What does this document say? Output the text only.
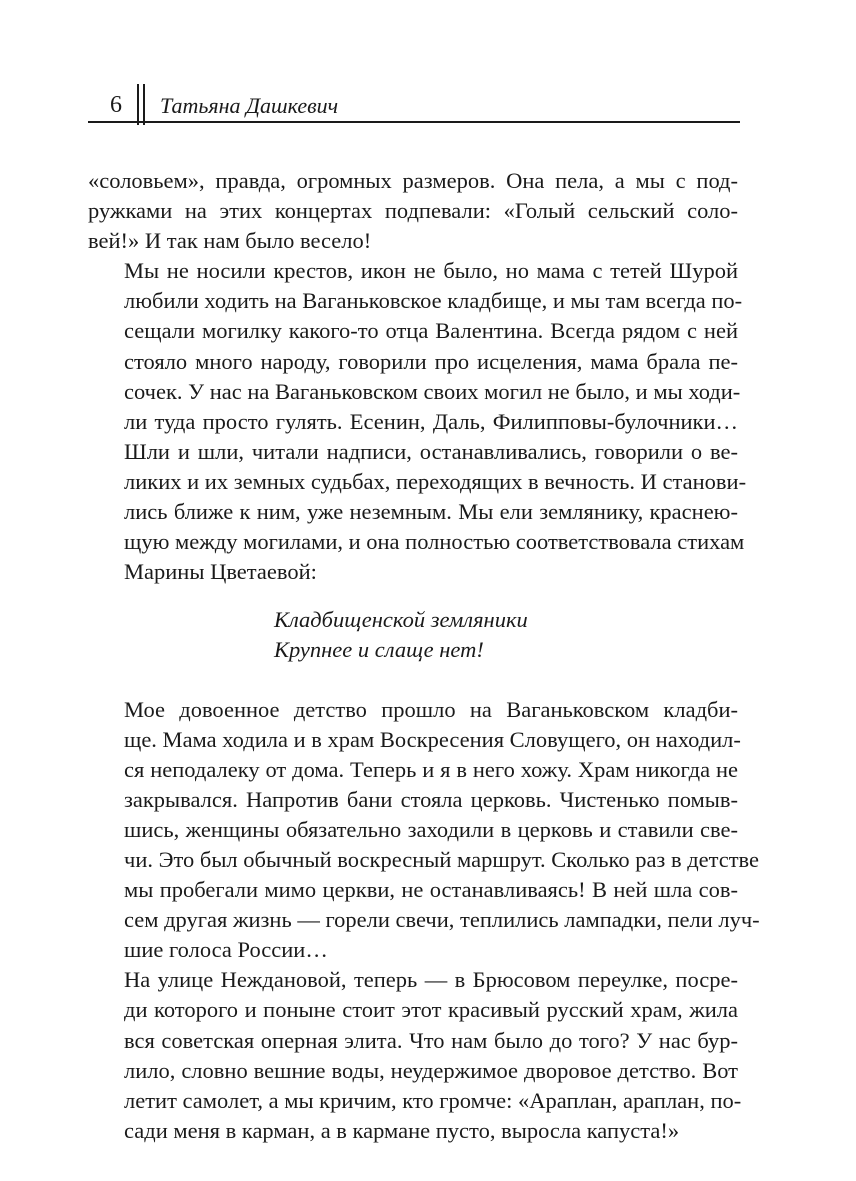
6 Татьяна Дашкевич

«соловьем», правда, огромных размеров. Она пела, а мы с под-
ружками на этих концертах подпевали: «Голый сельский соло-
вей!» И так нам было весело!

Мы не носили крестов, икон не было, но мама с тетей Шурой
любили ходить на Ваганьковское кладбище, и мы там всегда по-
сещали могилку какого-то отца Валентина. Всегда рядом с ней
стояло много народу, говорили про исцеления, мама брала пе-
сочек. У нас на Ваганьковском своих могил не было, и мы ходи-
ли туда просто гулять. Есенин, Даль, Филипповы-булочники…
Шли и шли, читали надписи, останавливались, говорили о ве-
ликих и их земных судьбах, переходящих в вечность. И станови-
лись ближе к ним, уже неземным. Мы ели землянику, краснею-
щую между могилами, и она полностью соответствовала стихам
Марины Цветаевой:

Кладбищенской земляники
Крупнее и слаще нет!

Мое довоенное детство прошло на Ваганьковском кладби-
ще. Мама ходила и в храм Воскресения Словущего, он находил-
ся неподалеку от дома. Теперь и я в него хожу. Храм никогда не
закрывался. Напротив бани стояла церковь. Чистенько помыв-
шись, женщины обязательно заходили в церковь и ставили све-
чи. Это был обычный воскресный маршрут. Сколько раз в детстве
мы пробегали мимо церкви, не останавливаясь! В ней шла сов-
сем другая жизнь — горели свечи, теплились лампадки, пели луч-
шие голоса России…

На улице Неждановой, теперь — в Брюсовом переулке, посре-
ди которого и поныне стоит этот красивый русский храм, жила
вся советская оперная элита. Что нам было до того? У нас бур-
лило, словно вешние воды, неудержимое дворовое детство. Вот
летит самолет, а мы кричим, кто громче: «Араплан, араплан, по-
сади меня в карман, а в кармане пусто, выросла капуста!»
